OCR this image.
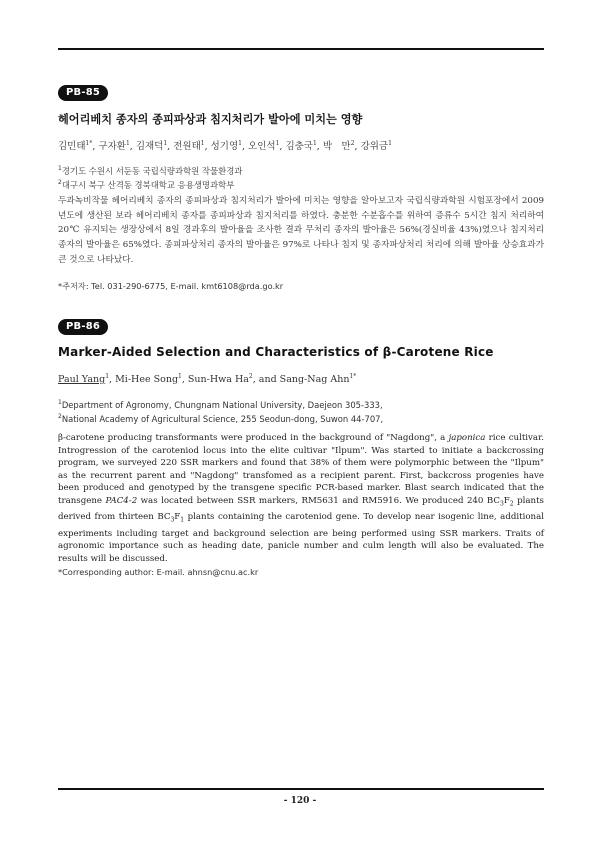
PB-85
헤어리베치 종자의 종피파상과 침지처리가 발아에 미치는 영향
김민태$^{1*}$, 구자환$^1$, 김재덕$^1$, 전원태$^1$, 성기영$^1$, 오인석$^1$, 김충국$^1$, 박　만$^2$, 강위금$^1$
$^1$경기도 수원시 서둔동 국립식량과학원 작물환경과
$^2$대구시 북구 산격동 경북대학교 응용생명과학부
두과녹비작물 헤어리베치 종자의 종피파상과 침지처리가 발아에 미치는 영향을 알아보고자 국립식량과학원 시험포장에서 2009년도에 생산된 보라 헤어리베치 종자를 종피파상과 침지처리를 하였다. 충분한 수분흡수를 위하여 증류수 5시간 침지 처리하여 20℃ 유지되는 생장상에서 8일 경과후의 발아율을 조사한 결과 무처리 종자의 발아율은 56%(경실비율 43%)였으나 침지처리 종자의 발아율은 65%였다. 종피파상처리 종자의 발아율은 97%로 나타나 침지 및 종자파상처리 처리에 의해 발아율 상승효과가 큰 것으로 나타났다.
*주저자: Tel. 031-290-6775, E-mail. kmt6108@rda.go.kr
PB-86
Marker-Aided Selection and Characteristics of β-Carotene Rice
Paul Yang$^1$, Mi-Hee Song$^1$, Sun-Hwa Ha$^2$, and Sang-Nag Ahn$^{1*}$
$^1$Department of Agronomy, Chungnam National University, Daejeon 305-333,
$^2$National Academy of Agricultural Science, 255 Seodun-dong, Suwon 44-707,
β-carotene producing transformants were produced in the background of "Nagdong", a japonica rice cultivar. Introgression of the caroteniod locus into the elite cultivar "Ilpum". Was started to initiate a backcrossing program, we surveyed 220 SSR markers and found that 38% of them were polymorphic between the "Ilpum" as the recurrent parent and "Nagdong" transfomed as a recipient parent. First, backcross progenies have been produced and genotyped by the transgene specific PCR-based marker. Blast search indicated that the transgene PAC4-2 was located between SSR markers, RM5631 and RM5916. We produced 240 $BC_3F_2$ plants derived from thirteen $BC_3F_1$ plants containing the caroteniod gene. To develop near isogenic line, additional experiments including target and background selection are being performed using SSR markers. Traits of agronomic importance such as heading date, panicle number and culm length will also be evaluated. The results will be discussed.
*Corresponding author: E-mail. ahnsn@cnu.ac.kr
- 120 -
